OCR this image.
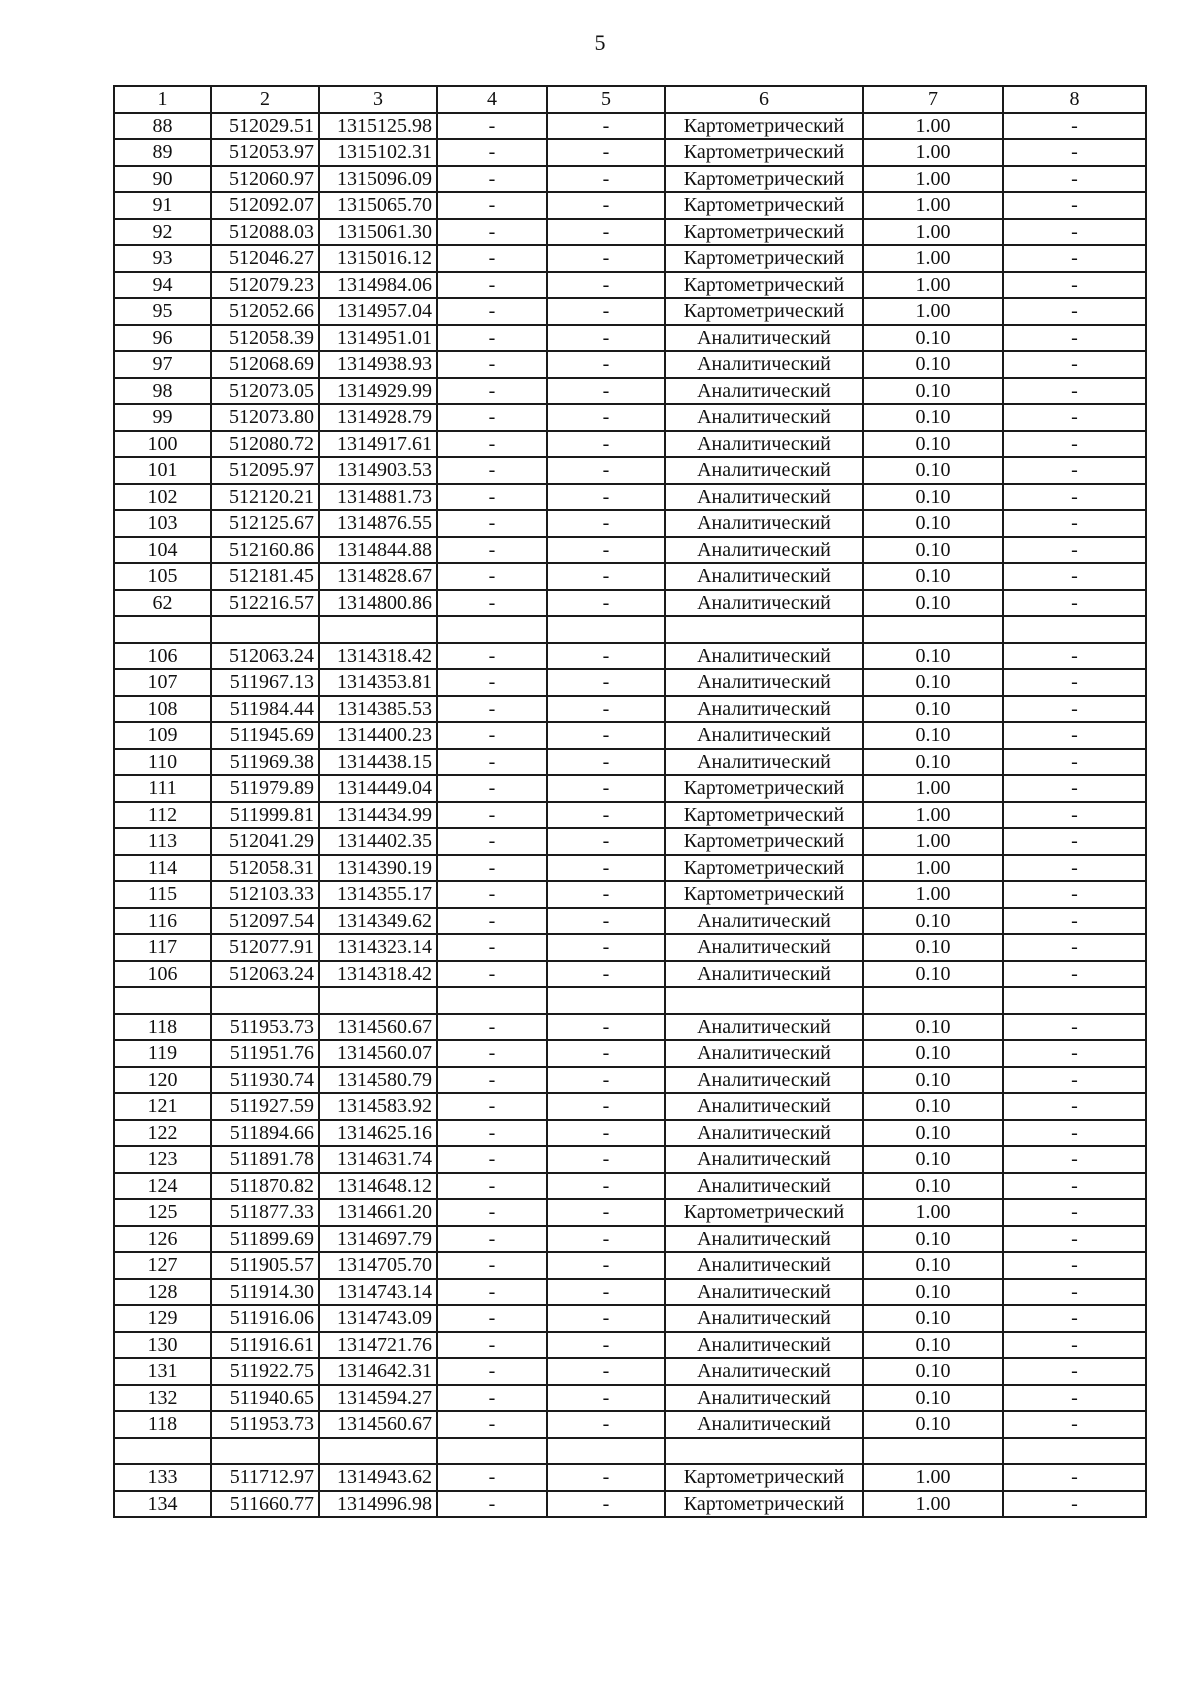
5
1	2	3	4	5	6	7	8
88	512029.51	1315125.98	-	-	Картометрический	1.00	-
89	512053.97	1315102.31	-	-	Картометрический	1.00	-
90	512060.97	1315096.09	-	-	Картометрический	1.00	-
91	512092.07	1315065.70	-	-	Картометрический	1.00	-
92	512088.03	1315061.30	-	-	Картометрический	1.00	-
93	512046.27	1315016.12	-	-	Картометрический	1.00	-
94	512079.23	1314984.06	-	-	Картометрический	1.00	-
95	512052.66	1314957.04	-	-	Картометрический	1.00	-
96	512058.39	1314951.01	-	-	Аналитический	0.10	-
97	512068.69	1314938.93	-	-	Аналитический	0.10	-
98	512073.05	1314929.99	-	-	Аналитический	0.10	-
99	512073.80	1314928.79	-	-	Аналитический	0.10	-
100	512080.72	1314917.61	-	-	Аналитический	0.10	-
101	512095.97	1314903.53	-	-	Аналитический	0.10	-
102	512120.21	1314881.73	-	-	Аналитический	0.10	-
103	512125.67	1314876.55	-	-	Аналитический	0.10	-
104	512160.86	1314844.88	-	-	Аналитический	0.10	-
105	512181.45	1314828.67	-	-	Аналитический	0.10	-
62	512216.57	1314800.86	-	-	Аналитический	0.10	-

106	512063.24	1314318.42	-	-	Аналитический	0.10	-
107	511967.13	1314353.81	-	-	Аналитический	0.10	-
108	511984.44	1314385.53	-	-	Аналитический	0.10	-
109	511945.69	1314400.23	-	-	Аналитический	0.10	-
110	511969.38	1314438.15	-	-	Аналитический	0.10	-
111	511979.89	1314449.04	-	-	Картометрический	1.00	-
112	511999.81	1314434.99	-	-	Картометрический	1.00	-
113	512041.29	1314402.35	-	-	Картометрический	1.00	-
114	512058.31	1314390.19	-	-	Картометрический	1.00	-
115	512103.33	1314355.17	-	-	Картометрический	1.00	-
116	512097.54	1314349.62	-	-	Аналитический	0.10	-
117	512077.91	1314323.14	-	-	Аналитический	0.10	-
106	512063.24	1314318.42	-	-	Аналитический	0.10	-

118	511953.73	1314560.67	-	-	Аналитический	0.10	-
119	511951.76	1314560.07	-	-	Аналитический	0.10	-
120	511930.74	1314580.79	-	-	Аналитический	0.10	-
121	511927.59	1314583.92	-	-	Аналитический	0.10	-
122	511894.66	1314625.16	-	-	Аналитический	0.10	-
123	511891.78	1314631.74	-	-	Аналитический	0.10	-
124	511870.82	1314648.12	-	-	Аналитический	0.10	-
125	511877.33	1314661.20	-	-	Картометрический	1.00	-
126	511899.69	1314697.79	-	-	Аналитический	0.10	-
127	511905.57	1314705.70	-	-	Аналитический	0.10	-
128	511914.30	1314743.14	-	-	Аналитический	0.10	-
129	511916.06	1314743.09	-	-	Аналитический	0.10	-
130	511916.61	1314721.76	-	-	Аналитический	0.10	-
131	511922.75	1314642.31	-	-	Аналитический	0.10	-
132	511940.65	1314594.27	-	-	Аналитический	0.10	-
118	511953.73	1314560.67	-	-	Аналитический	0.10	-

133	511712.97	1314943.62	-	-	Картометрический	1.00	-
134	511660.77	1314996.98	-	-	Картометрический	1.00	-
